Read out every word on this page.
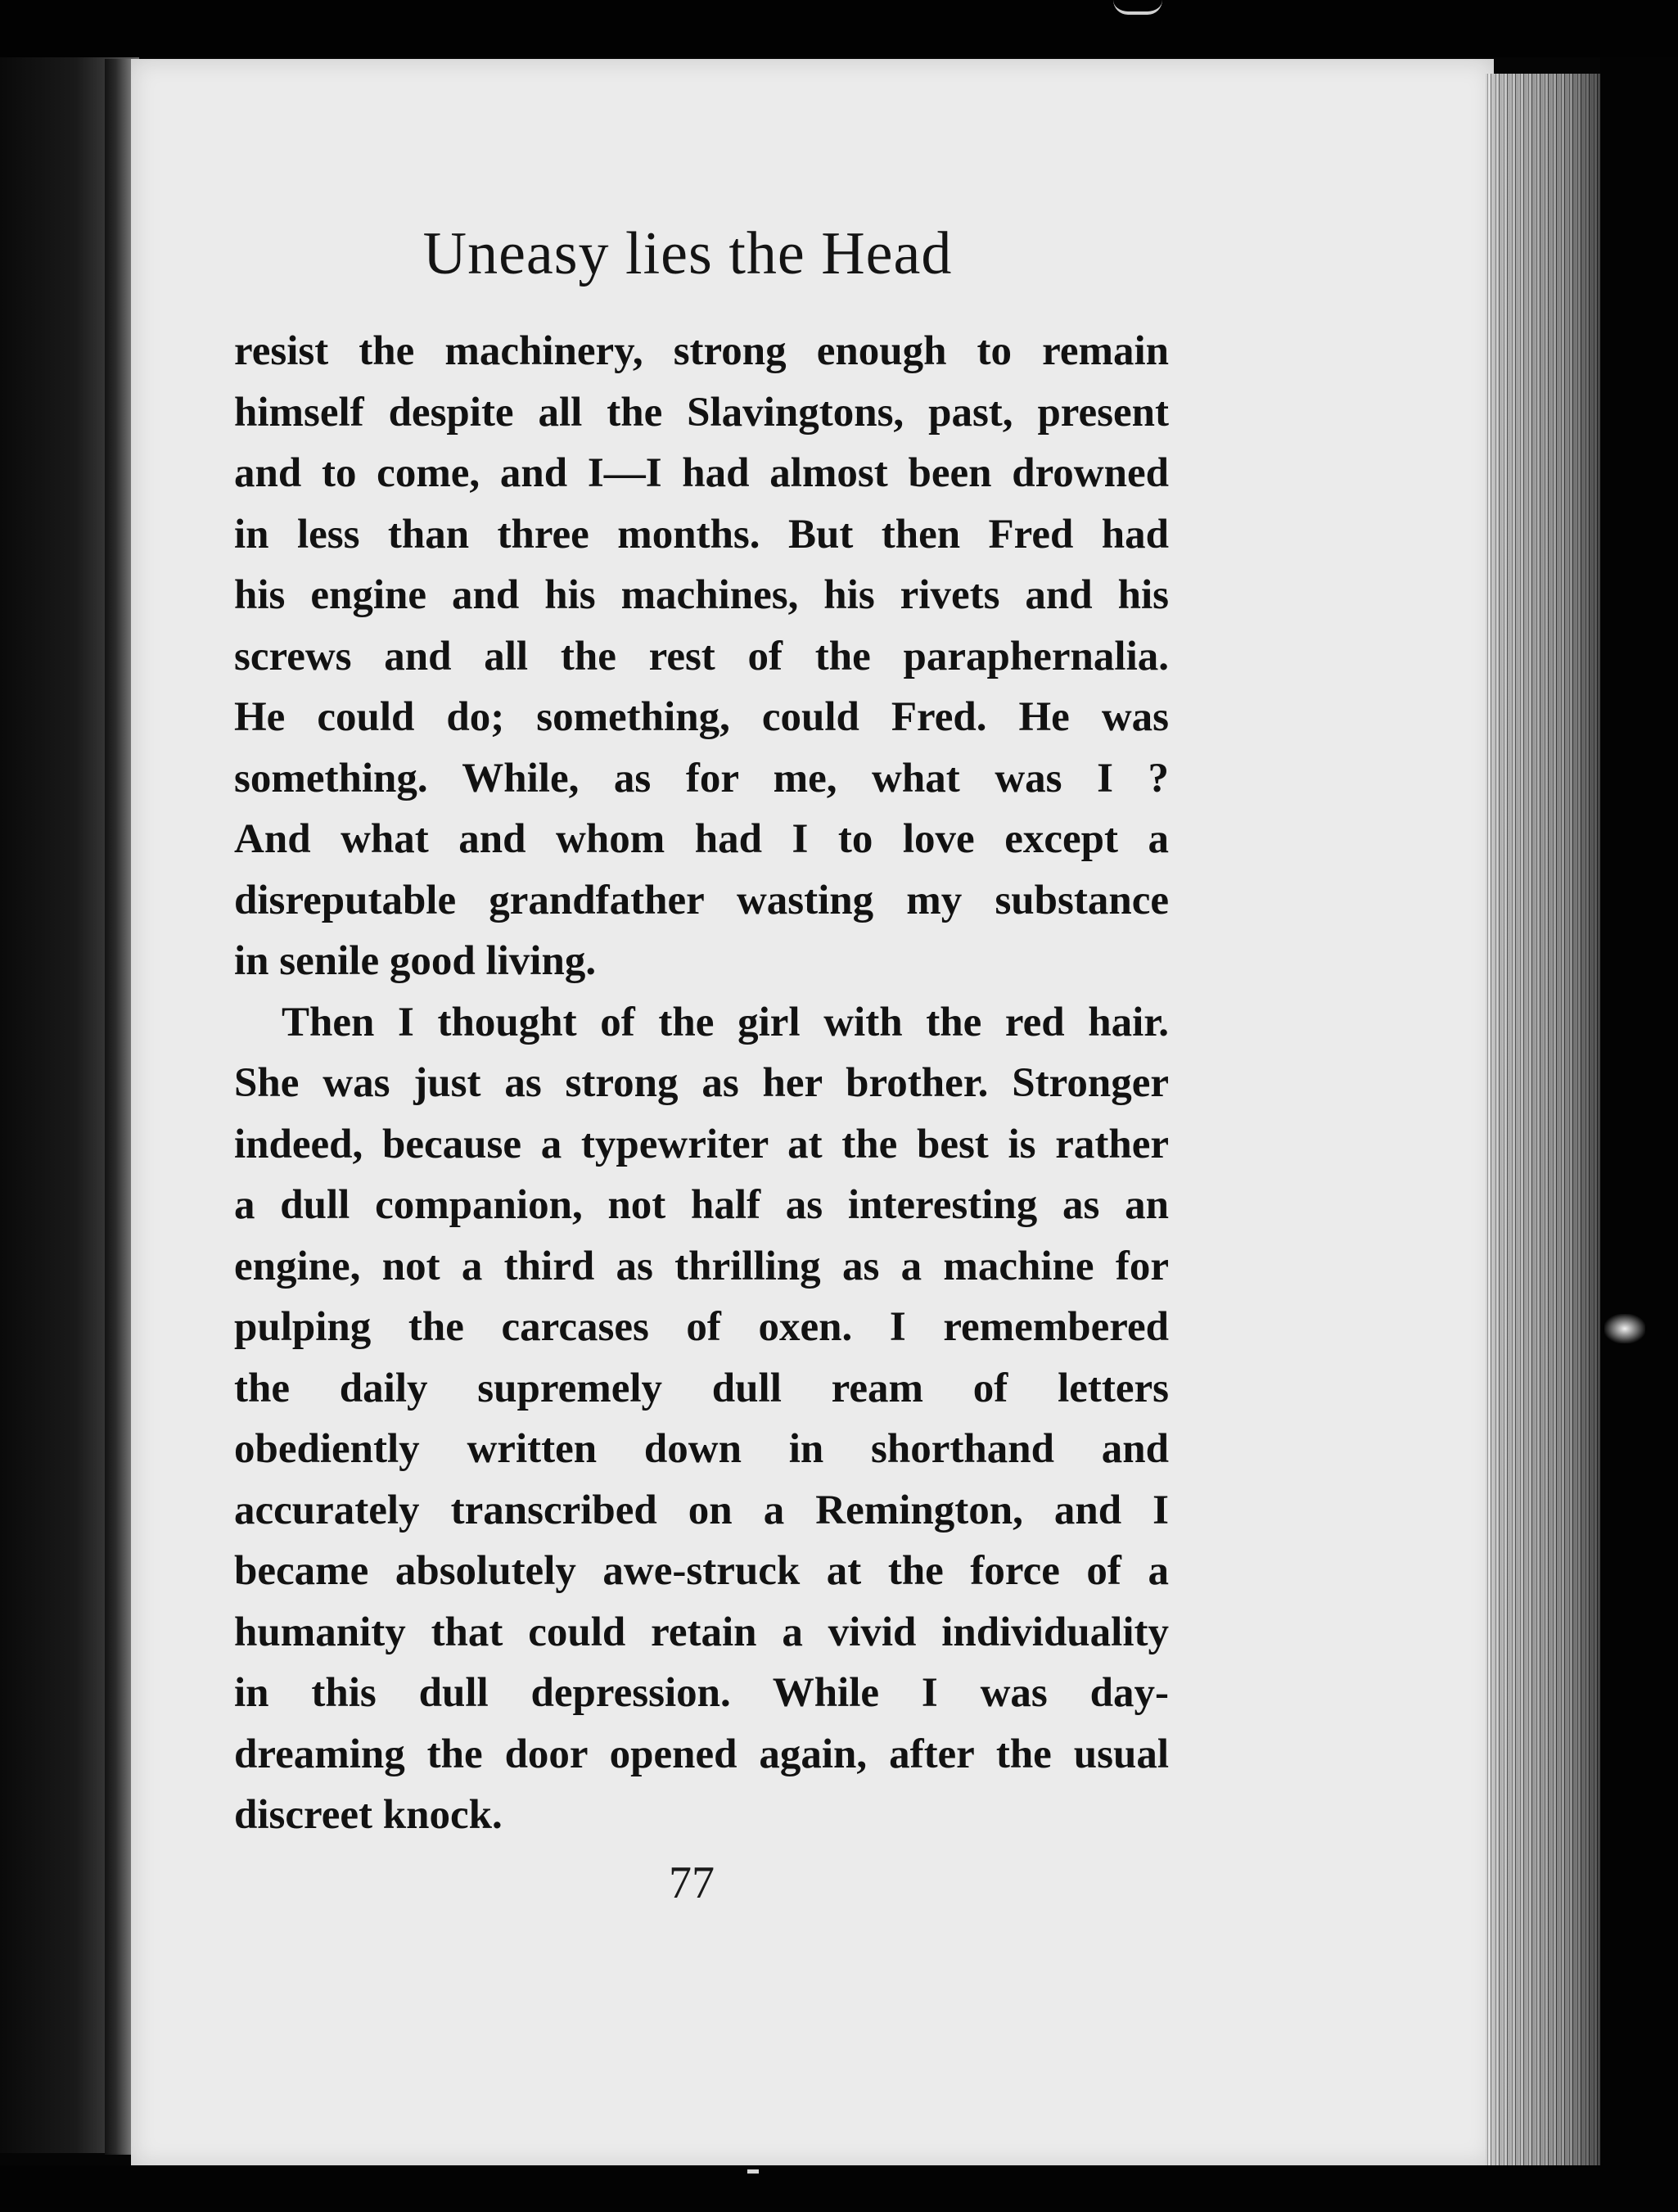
Uneasy lies the Head

resist the machinery, strong enough to remain
himself despite all the Slavingtons, past, present
and to come, and I—I had almost been drowned
in less than three months. But then Fred had
his engine and his machines, his rivets and his
screws and all the rest of the paraphernalia.
He could do; something, could Fred. He was
something. While, as for me, what was I ?
And what and whom had I to love except a
disreputable grandfather wasting my substance
in senile good living.

Then I thought of the girl with the red hair.
She was just as strong as her brother. Stronger
indeed, because a typewriter at the best is rather
a dull companion, not half as interesting as an
engine, not a third as thrilling as a machine for
pulping the carcases of oxen. I remembered
the daily supremely dull ream of letters
obediently written down in shorthand and
accurately transcribed on a Remington, and I
became absolutely awe-struck at the force of a
humanity that could retain a vivid individuality
in this dull depression. While I was day-
dreaming the door opened again, after the usual
discreet knock.

77
